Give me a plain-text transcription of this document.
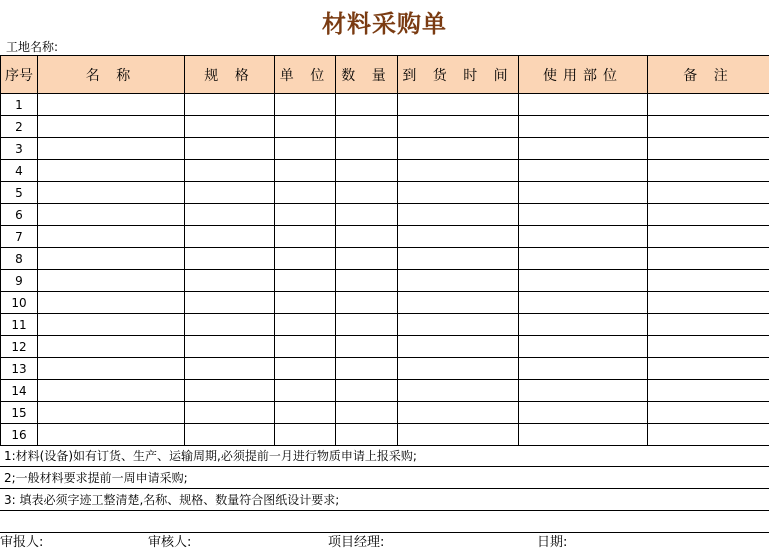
材料采购单
工地名称:
序号	名 称	规 格	单 位	数 量	到 货 时 间	使用部位	备 注
1							
2							
3							
4							
5							
6							
7							
8							
9							
10							
11							
12							
13							
14							
15							
16							
1:材料(设备)如有订货、生产、运输周期,必须提前一月进行物质申请上报采购;
2;一般材料要求提前一周申请采购;
3: 填表必须字迹工整清楚,名称、规格、数量符合图纸设计要求;
审报人:	审核人:	项目经理:	日期:
